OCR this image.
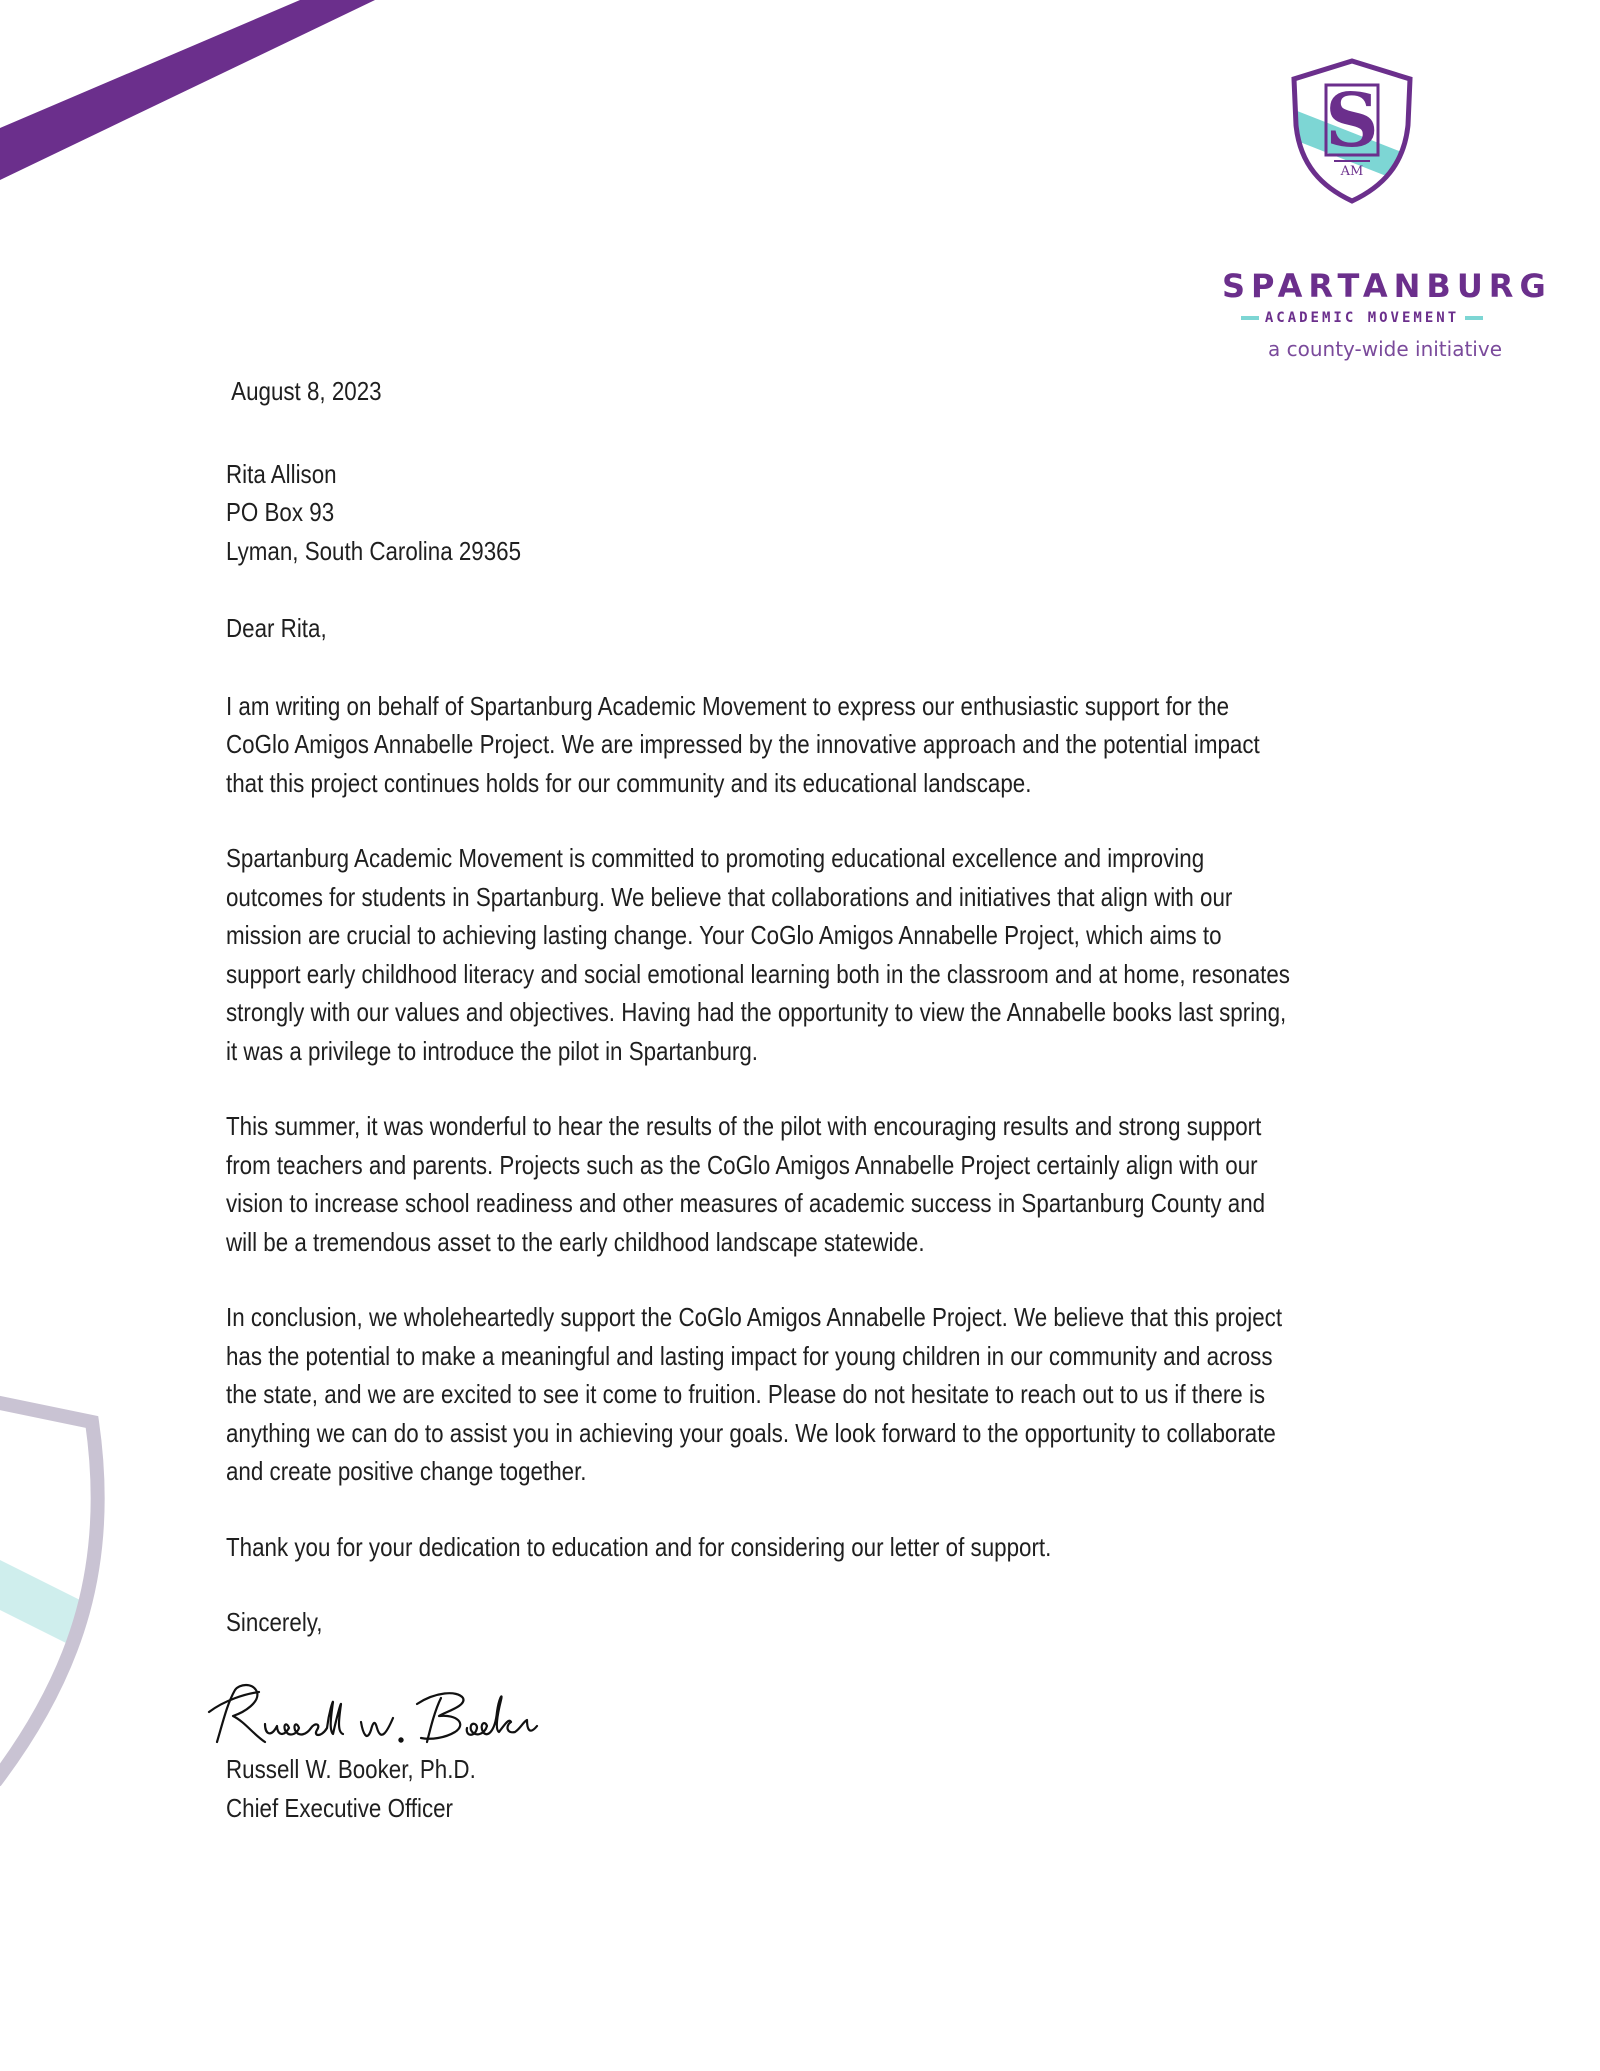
S
AM
SPARTANBURG
ACADEMIC MOVEMENT
a county-wide initiative

August 8, 2023

Rita Allison

PO Box 93

Lyman, South Carolina 29365

Dear Rita,

I am writing on behalf of Spartanburg Academic Movement to express our enthusiastic support for the CoGlo Amigos Annabelle Project. We are impressed by the innovative approach and the potential impact that this project continues holds for our community and its educational landscape.

Spartanburg Academic Movement is committed to promoting educational excellence and improving outcomes for students in Spartanburg. We believe that collaborations and initiatives that align with our mission are crucial to achieving lasting change. Your CoGlo Amigos Annabelle Project, which aims to support early childhood literacy and social emotional learning both in the classroom and at home, resonates strongly with our values and objectives. Having had the opportunity to view the Annabelle books last spring, it was a privilege to introduce the pilot in Spartanburg.

This summer, it was wonderful to hear the results of the pilot with encouraging results and strong support from teachers and parents. Projects such as the CoGlo Amigos Annabelle Project certainly align with our vision to increase school readiness and other measures of academic success in Spartanburg County and will be a tremendous asset to the early childhood landscape statewide.

In conclusion, we wholeheartedly support the CoGlo Amigos Annabelle Project. We believe that this project has the potential to make a meaningful and lasting impact for young children in our community and across the state, and we are excited to see it come to fruition. Please do not hesitate to reach out to us if there is anything we can do to assist you in achieving your goals. We look forward to the opportunity to collaborate and create positive change together.

Thank you for your dedication to education and for considering our letter of support.

Sincerely,

Russell W. Booker, Ph.D.

Chief Executive Officer
